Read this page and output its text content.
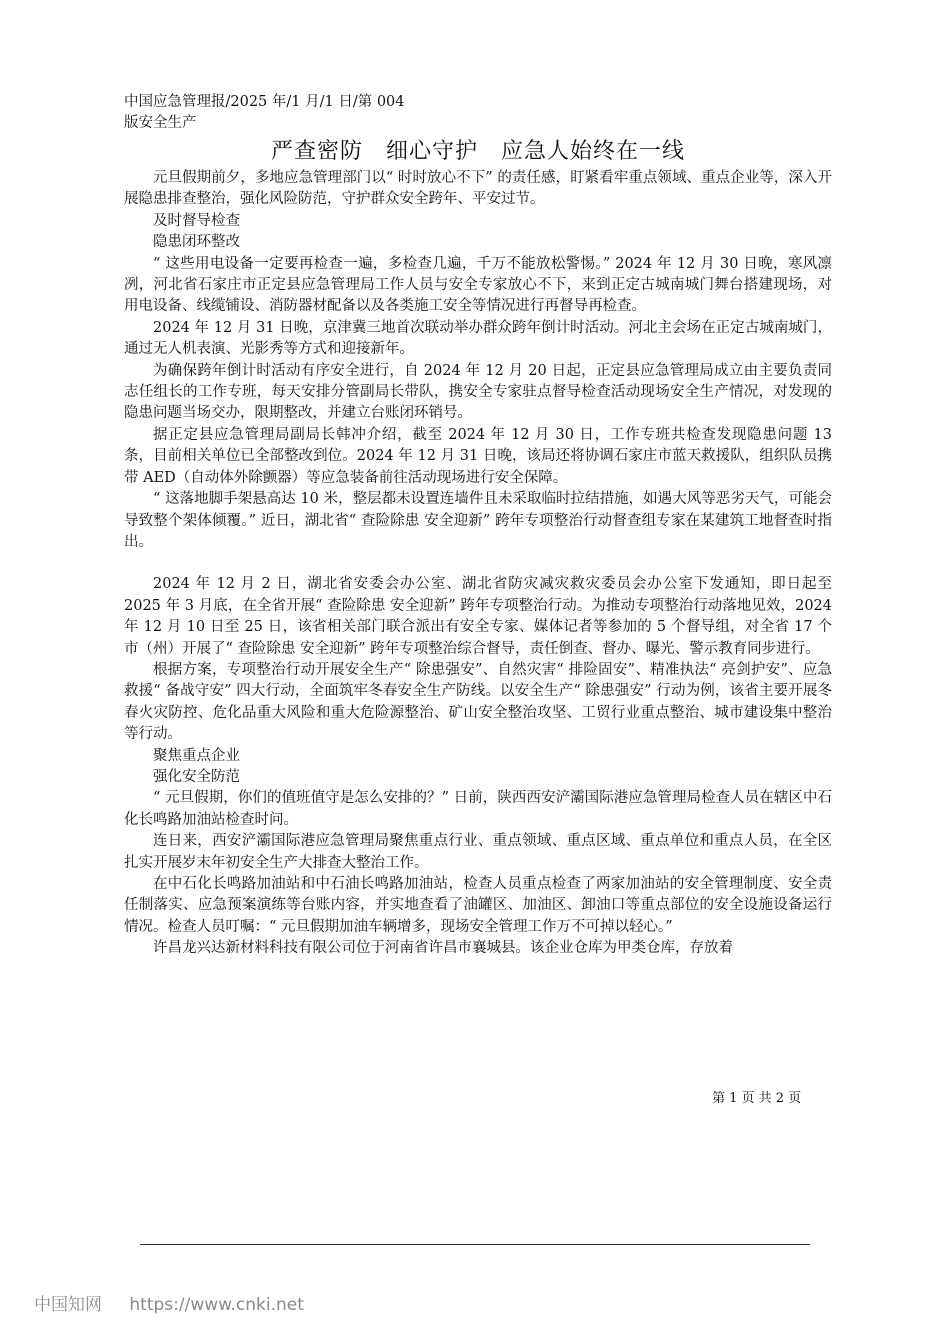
中国应急管理报/2025 年/1 月/1 日/第 004
版安全生产
严查密防　细心守护　应急人始终在一线

元旦假期前夕，多地应急管理部门以“ 时时放心不下” 的责任感，盯紧看牢重点领域、重点企业等，深入开展隐患排查整治，强化风险防范，守护群众安全跨年、平安过节。

及时督导检查

隐患闭环整改

“ 这些用电设备一定要再检查一遍，多检查几遍，千万不能放松警惕。” 2024 年 12 月 30 日晚，寒风凛冽，河北省石家庄市正定县应急管理局工作人员与安全专家放心不下，来到正定古城南城门舞台搭建现场，对用电设备、线缆铺设、消防器材配备以及各类施工安全等情况进行再督导再检查。

2024 年 12 月 31 日晚，京津冀三地首次联动举办群众跨年倒计时活动。河北主会场在正定古城南城门，通过无人机表演、光影秀等方式和迎接新年。

为确保跨年倒计时活动有序安全进行，自 2024 年 12 月 20 日起，正定县应急管理局成立由主要负责同志任组长的工作专班，每天安排分管副局长带队，携安全专家驻点督导检查活动现场安全生产情况，对发现的隐患问题当场交办，限期整改，并建立台账闭环销号。

据正定县应急管理局副局长韩冲介绍，截至 2024 年 12 月 30 日，工作专班共检查发现隐患问题 13 条，目前相关单位已全部整改到位。2024 年 12 月 31 日晚，该局还将协调石家庄市蓝天救援队，组织队员携带 AED（自动体外除颤器）等应急装备前往活动现场进行安全保障。

“ 这落地脚手架悬高达 10 米，整层都未设置连墙件且未采取临时拉结措施，如遇大风等恶劣天气，可能会导致整个架体倾覆。” 近日，湖北省“ 查险除患 安全迎新” 跨年专项整治行动督查组专家在某建筑工地督查时指出。

2024 年 12 月 2 日，湖北省安委会办公室、湖北省防灾减灾救灾委员会办公室下发通知，即日起至 2025 年 3 月底，在全省开展“ 查险除患 安全迎新” 跨年专项整治行动。为推动专项整治行动落地见效，2024 年 12 月 10 日至 25 日，该省相关部门联合派出有安全专家、媒体记者等参加的 5 个督导组，对全省 17 个市（州）开展了“ 查险除患 安全迎新” 跨年专项整治综合督导，责任倒查、督办、曝光、警示教育同步进行。

根据方案，专项整治行动开展安全生产“ 除患强安”、自然灾害“ 排险固安”、精准执法“ 亮剑护安”、应急救援“ 备战守安” 四大行动，全面筑牢冬春安全生产防线。以安全生产“ 除患强安” 行动为例，该省主要开展冬春火灾防控、危化品重大风险和重大危险源整治、矿山安全整治攻坚、工贸行业重点整治、城市建设集中整治等行动。

聚焦重点企业

强化安全防范

“ 元旦假期，你们的值班值守是怎么安排的？” 日前，陕西西安浐灞国际港应急管理局检查人员在辖区中石化长鸣路加油站检查时问。

连日来，西安浐灞国际港应急管理局聚焦重点行业、重点领域、重点区域、重点单位和重点人员，在全区扎实开展岁末年初安全生产大排查大整治工作。

在中石化长鸣路加油站和中石油长鸣路加油站，检查人员重点检查了两家加油站的安全管理制度、安全责任制落实、应急预案演练等台账内容，并实地查看了油罐区、加油区、卸油口等重点部位的安全设施设备运行情况。检查人员叮嘱：“ 元旦假期加油车辆增多，现场安全管理工作万不可掉以轻心。”

许昌龙兴达新材料科技有限公司位于河南省许昌市襄城县。该企业仓库为甲类仓库，存放着

第 1 页 共 2 页
中国知网 https://www.cnki.net
